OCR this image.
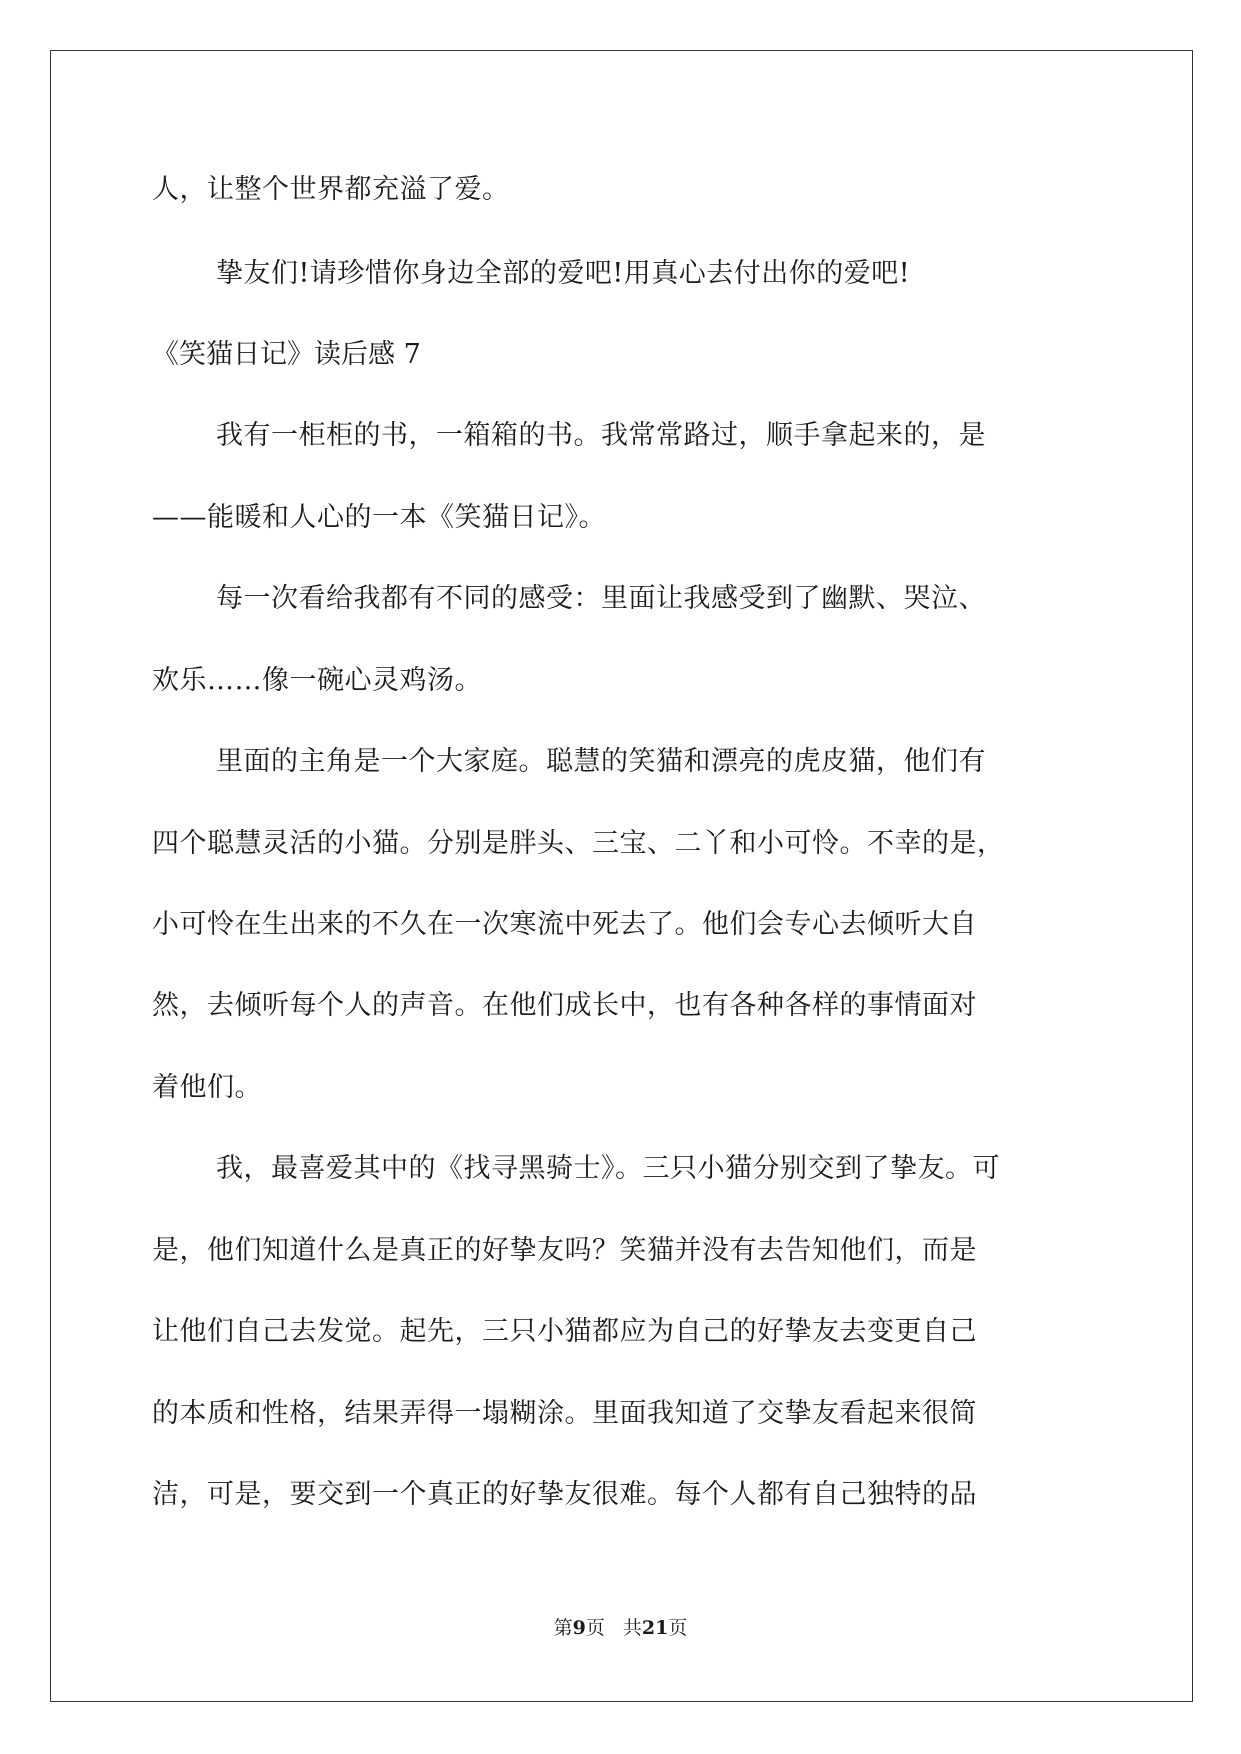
人，让整个世界都充溢了爱。
挚友们!请珍惜你身边全部的爱吧!用真心去付出你的爱吧!
《笑猫日记》读后感 7
我有一柜柜的书，一箱箱的书。我常常路过，顺手拿起来的，是
——能暖和人心的一本《笑猫日记》。
每一次看给我都有不同的感受：里面让我感受到了幽默、哭泣、
欢乐……像一碗心灵鸡汤。
里面的主角是一个大家庭。聪慧的笑猫和漂亮的虎皮猫，他们有
四个聪慧灵活的小猫。分别是胖头、三宝、二丫和小可怜。不幸的是，
小可怜在生出来的不久在一次寒流中死去了。他们会专心去倾听大自
然，去倾听每个人的声音。在他们成长中，也有各种各样的事情面对
着他们。
我，最喜爱其中的《找寻黑骑士》。三只小猫分别交到了挚友。可
是，他们知道什么是真正的好挚友吗？笑猫并没有去告知他们，而是
让他们自己去发觉。起先，三只小猫都应为自己的好挚友去变更自己
的本质和性格，结果弄得一塌糊涂。里面我知道了交挚友看起来很简
洁，可是，要交到一个真正的好挚友很难。每个人都有自己独特的品
第9页 共21页
